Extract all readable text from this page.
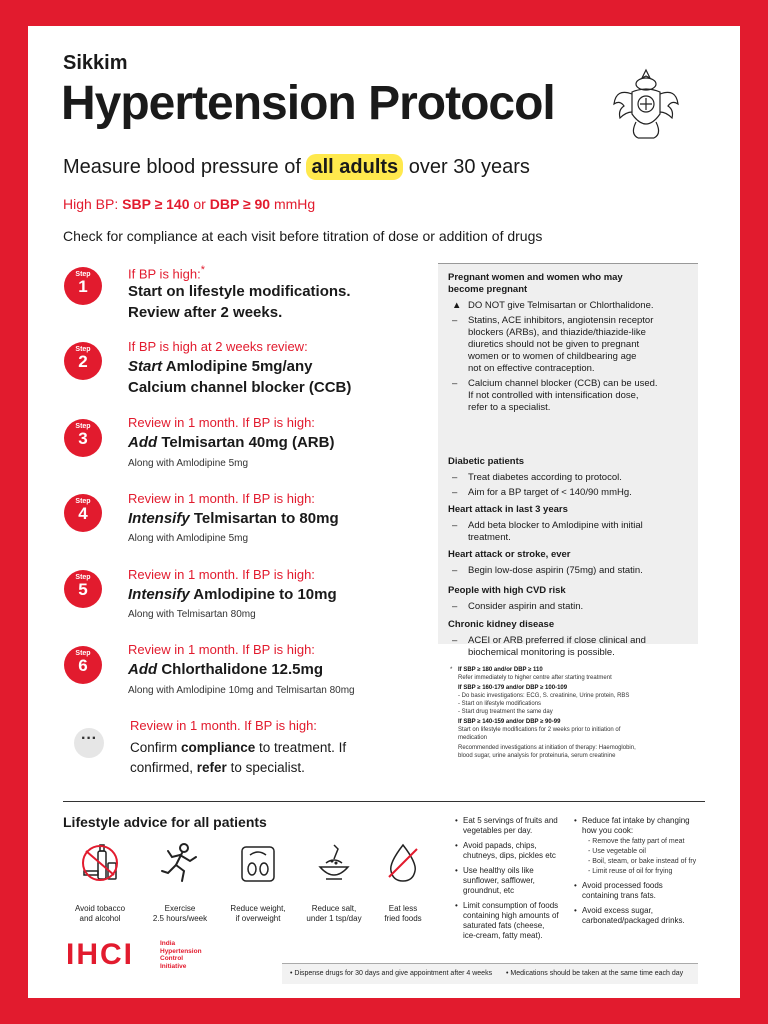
Sikkim
Hypertension Protocol
Measure blood pressure of all adults over 30 years
High BP: SBP ≥ 140 or DBP ≥ 90 mmHg
Check for compliance at each visit before titration of dose or addition of drugs
Step
1
If BP is high:*
Start on lifestyle modifications.
Review after 2 weeks.
Step
2
If BP is high at 2 weeks review:
Start Amlodipine 5mg/any
Calcium channel blocker (CCB)
Step
3
Review in 1 month. If BP is high:
Add Telmisartan 40mg (ARB)
Along with Amlodipine 5mg
Step
4
Review in 1 month. If BP is high:
Intensify Telmisartan to 80mg
Along with Amlodipine 5mg
Step
5
Review in 1 month. If BP is high:
Intensify Amlodipine to 10mg
Along with Telmisartan 80mg
Step
6
Review in 1 month. If BP is high:
Add Chlorthalidone 12.5mg
Along with Amlodipine 10mg and Telmisartan 80mg
···
Review in 1 month. If BP is high:
Confirm compliance to treatment. If
confirmed, refer to specialist.
Pregnant women and women who may
become pregnant
▲ DO NOT give Telmisartan or Chlorthalidone.
– Statins, ACE inhibitors, angiotensin receptor
blockers (ARBs), and thiazide/thiazide-like
diuretics should not be given to pregnant
women or to women of childbearing age
not on effective contraception.
– Calcium channel blocker (CCB) can be used.
If not controlled with intensification dose,
refer to a specialist.
Diabetic patients
– Treat diabetes according to protocol.
– Aim for a BP target of < 140/90 mmHg.
Heart attack in last 3 years
– Add beta blocker to Amlodipine with initial
treatment.
Heart attack or stroke, ever
– Begin low-dose aspirin (75mg) and statin.
People with high CVD risk
– Consider aspirin and statin.
Chronic kidney disease
– ACEI or ARB preferred if close clinical and
biochemical monitoring is possible.
* If SBP ≥ 180 and/or DBP ≥ 110
Refer immediately to higher centre after starting treatment
If SBP ≥ 160-179 and/or DBP ≥ 100-109
- Do basic investigations: ECG, S. creatinine, Urine protein, RBS
- Start on lifestyle modifications
- Start drug treatment the same day
If SBP ≥ 140-159 and/or DBP ≥ 90-99
Start on lifestyle modifications for 2 weeks prior to initiation of
medication
Recommended investigations at initiation of therapy: Haemoglobin,
blood sugar, urine analysis for proteinuria, serum creatinine
Lifestyle advice for all patients
Avoid tobacco
and alcohol
Exercise
2.5 hours/week
Reduce weight,
if overweight
Reduce salt,
under 1 tsp/day
Eat less
fried foods
• Eat 5 servings of fruits and
vegetables per day.
• Avoid papads, chips,
chutneys, dips, pickles etc
• Use healthy oils like
sunflower, safflower,
groundnut, etc
• Limit consumption of foods
containing high amounts of
saturated fats (cheese,
ice-cream, fatty meat).
• Reduce fat intake by changing
how you cook:
- Remove the fatty part of meat
- Use vegetable oil
- Boil, steam, or bake instead of fry
- Limit reuse of oil for frying
• Avoid processed foods
containing trans fats.
• Avoid excess sugar,
carbonated/packaged drinks.
IHCI	India
Hypertension
Control
Initiative
• Dispense drugs for 30 days and give appointment after 4 weeks • Medications should be taken at the same time each day
